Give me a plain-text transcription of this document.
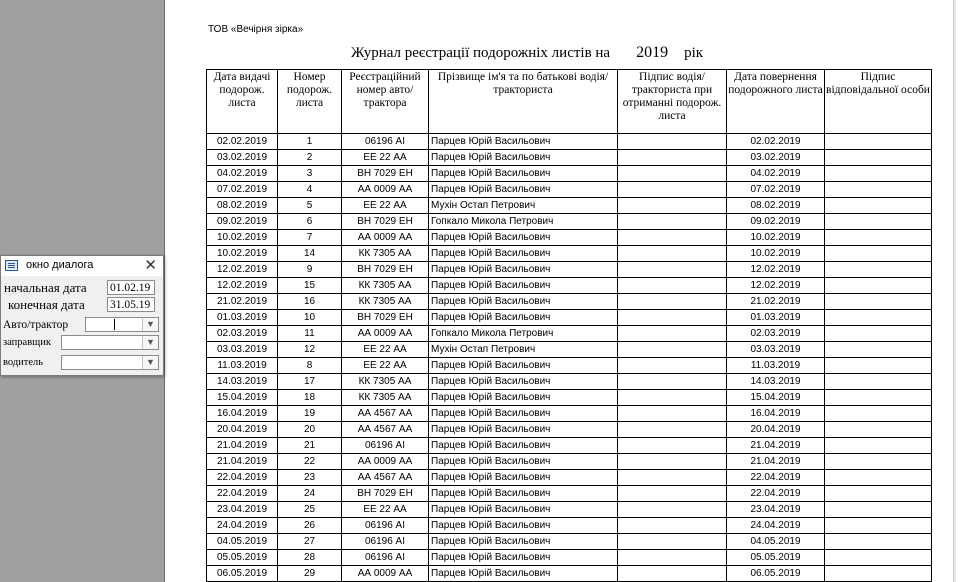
ТОВ «Вечірня зірка»
Журнал реєстрації подорожніх листів на 2019 рік
Дата видачі подорож. листа	Номер подорож. листа	Реєстраційний номер авто/трактора	Прізвище ім'я та по батькові водія/тракториста	Підпис водія/тракториста при отриманні подорож. листа	Дата повернення подорожного листа	Підпис відповідальної особи
02.02.2019	1	06196 АІ	Парцев Юрій Васильович		02.02.2019	
03.02.2019	2	ЕЕ 22 АА	Парцев Юрій Васильович		03.02.2019	
04.02.2019	3	ВН 7029 ЕН	Парцев Юрій Васильович		04.02.2019	
07.02.2019	4	АА 0009 АА	Парцев Юрій Васильович		07.02.2019	
08.02.2019	5	ЕЕ 22 АА	Мухін Остап Петрович		08.02.2019	
09.02.2019	6	ВН 7029 ЕН	Гопкало Микола Петрович		09.02.2019	
10.02.2019	7	АА 0009 АА	Парцев Юрій Васильович		10.02.2019	
10.02.2019	14	КК 7305 АА	Парцев Юрій Васильович		10.02.2019	
12.02.2019	9	ВН 7029 ЕН	Парцев Юрій Васильович		12.02.2019	
12.02.2019	15	КК 7305 АА	Парцев Юрій Васильович		12.02.2019	
21.02.2019	16	КК 7305 АА	Парцев Юрій Васильович		21.02.2019	
01.03.2019	10	ВН 7029 ЕН	Парцев Юрій Васильович		01.03.2019	
02.03.2019	11	АА 0009 АА	Гопкало Микола Петрович		02.03.2019	
03.03.2019	12	ЕЕ 22 АА	Мухін Остап Петрович		03.03.2019	
11.03.2019	8	ЕЕ 22 АА	Парцев Юрій Васильович		11.03.2019	
14.03.2019	17	КК 7305 АА	Парцев Юрій Васильович		14.03.2019	
15.04.2019	18	КК 7305 АА	Парцев Юрій Васильович		15.04.2019	
16.04.2019	19	АА 4567 АА	Парцев Юрій Васильович		16.04.2019	
20.04.2019	20	АА 4567 АА	Парцев Юрій Васильович		20.04.2019	
21.04.2019	21	06196 АІ	Парцев Юрій Васильович		21.04.2019	
21.04.2019	22	АА 0009 АА	Парцев Юрій Васильович		21.04.2019	
22.04.2019	23	АА 4567 АА	Парцев Юрій Васильович		22.04.2019	
22.04.2019	24	ВН 7029 ЕН	Парцев Юрій Васильович		22.04.2019	
23.04.2019	25	ЕЕ 22 АА	Парцев Юрій Васильович		23.04.2019	
24.04.2019	26	06196 АІ	Парцев Юрій Васильович		24.04.2019	
04.05.2019	27	06196 АІ	Парцев Юрій Васильович		04.05.2019	
05.05.2019	28	06196 АІ	Парцев Юрій Васильович		05.05.2019	
06.05.2019	29	АА 0009 АА	Парцев Юрій Васильович		06.05.2019	
окно диалога	✕
начальная дата 01.02.19
конечная дата 31.05.19
Авто/трактор	▼
заправщик	▼
водитель	▼
